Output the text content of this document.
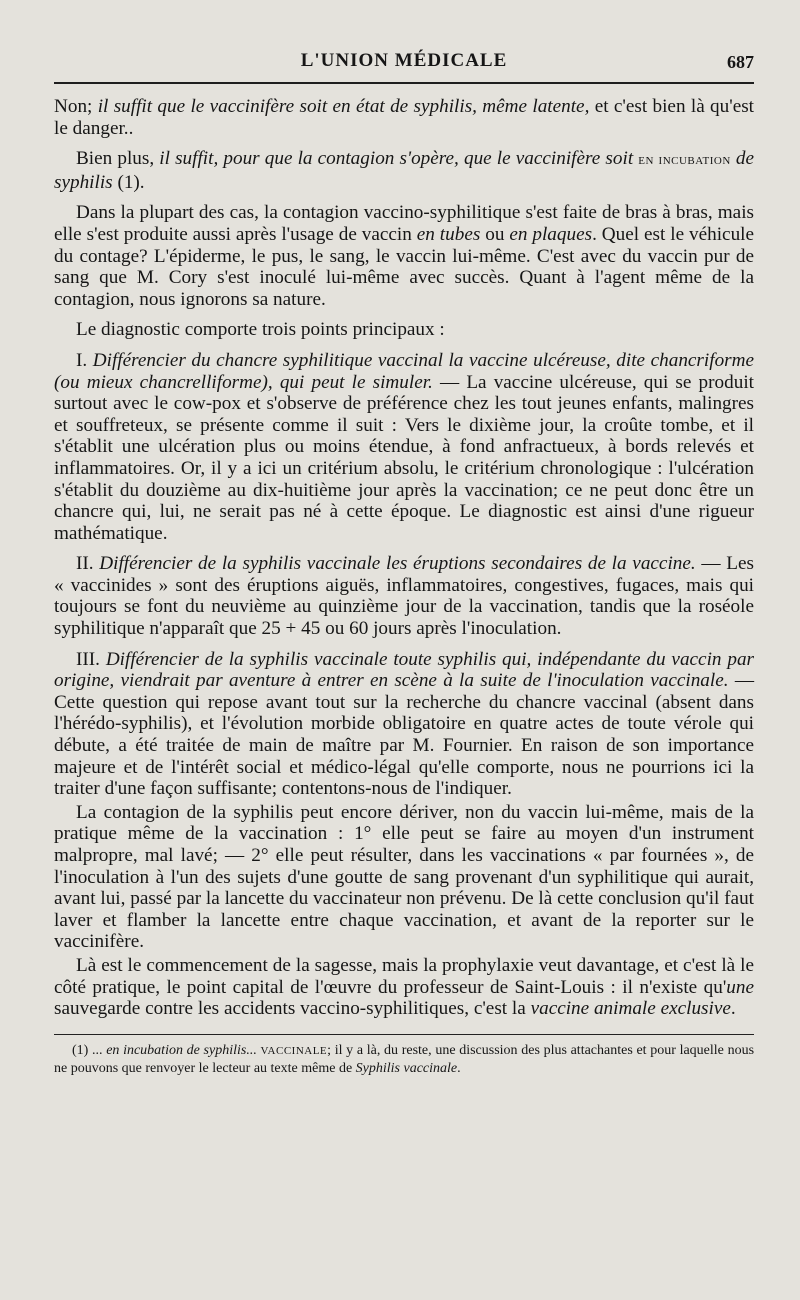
L'UNION MÉDICALE	687

Non; il suffit que le vaccinifère soit en état de syphilis, même latente, et c'est bien là qu'est le danger..

Bien plus, il suffit, pour que la contagion s'opère, que le vaccinifère soit en incubation de syphilis (1).

Dans la plupart des cas, la contagion vaccino-syphilitique s'est faite de bras à bras, mais elle s'est produite aussi après l'usage de vaccin en tubes ou en plaques. Quel est le véhicule du contage? L'épiderme, le pus, le sang, le vaccin lui-même. C'est avec du vaccin pur de sang que M. Cory s'est inoculé lui-même avec succès. Quant à l'agent même de la contagion, nous ignorons sa nature.

Le diagnostic comporte trois points principaux :

I. Différencier du chancre syphilitique vaccinal la vaccine ulcéreuse, dite chancriforme (ou mieux chancrelliforme), qui peut le simuler. — La vaccine ulcéreuse, qui se produit surtout avec le cow-pox et s'observe de préférence chez les tout jeunes enfants, malingres et souffreteux, se présente comme il suit : Vers le dixième jour, la croûte tombe, et il s'établit une ulcération plus ou moins étendue, à fond anfractueux, à bords relevés et inflammatoires. Or, il y a ici un critérium absolu, le critérium chronologique : l'ulcération s'établit du douzième au dix-huitième jour après la vaccination; ce ne peut donc être un chancre qui, lui, ne serait pas né à cette époque. Le diagnostic est ainsi d'une rigueur mathématique.

II. Différencier de la syphilis vaccinale les éruptions secondaires de la vaccine. — Les « vaccinides » sont des éruptions aiguës, inflammatoires, congestives, fugaces, mais qui toujours se font du neuvième au quinzième jour de la vaccination, tandis que la roséole syphilitique n'apparaît que 25 + 45 ou 60 jours après l'inoculation.

III. Différencier de la syphilis vaccinale toute syphilis qui, indépendante du vaccin par origine, viendrait par aventure à entrer en scène à la suite de l'inoculation vaccinale. — Cette question qui repose avant tout sur la recherche du chancre vaccinal (absent dans l'hérédo-syphilis), et l'évolution morbide obligatoire en quatre actes de toute vérole qui débute, a été traitée de main de maître par M. Fournier. En raison de son importance majeure et de l'intérêt social et médico-légal qu'elle comporte, nous ne pourrions ici la traiter d'une façon suffisante; contentons-nous de l'indiquer.

La contagion de la syphilis peut encore dériver, non du vaccin lui-même, mais de la pratique même de la vaccination : 1° elle peut se faire au moyen d'un instrument malpropre, mal lavé; — 2° elle peut résulter, dans les vaccinations « par fournées », de l'inoculation à l'un des sujets d'une goutte de sang provenant d'un syphilitique qui aurait, avant lui, passé par la lancette du vaccinateur non prévenu. De là cette conclusion qu'il faut laver et flamber la lancette entre chaque vaccination, et avant de la reporter sur le vaccinifère.

Là est le commencement de la sagesse, mais la prophylaxie veut davantage, et c'est là le côté pratique, le point capital de l'œuvre du professeur de Saint-Louis : il n'existe qu'une sauvegarde contre les accidents vaccino-syphilitiques, c'est la vaccine animale exclusive.

(1) ... en incubation de syphilis... vaccinale; il y a là, du reste, une discussion des plus attachantes et pour laquelle nous ne pouvons que renvoyer le lecteur au texte même de Syphilis vaccinale.
